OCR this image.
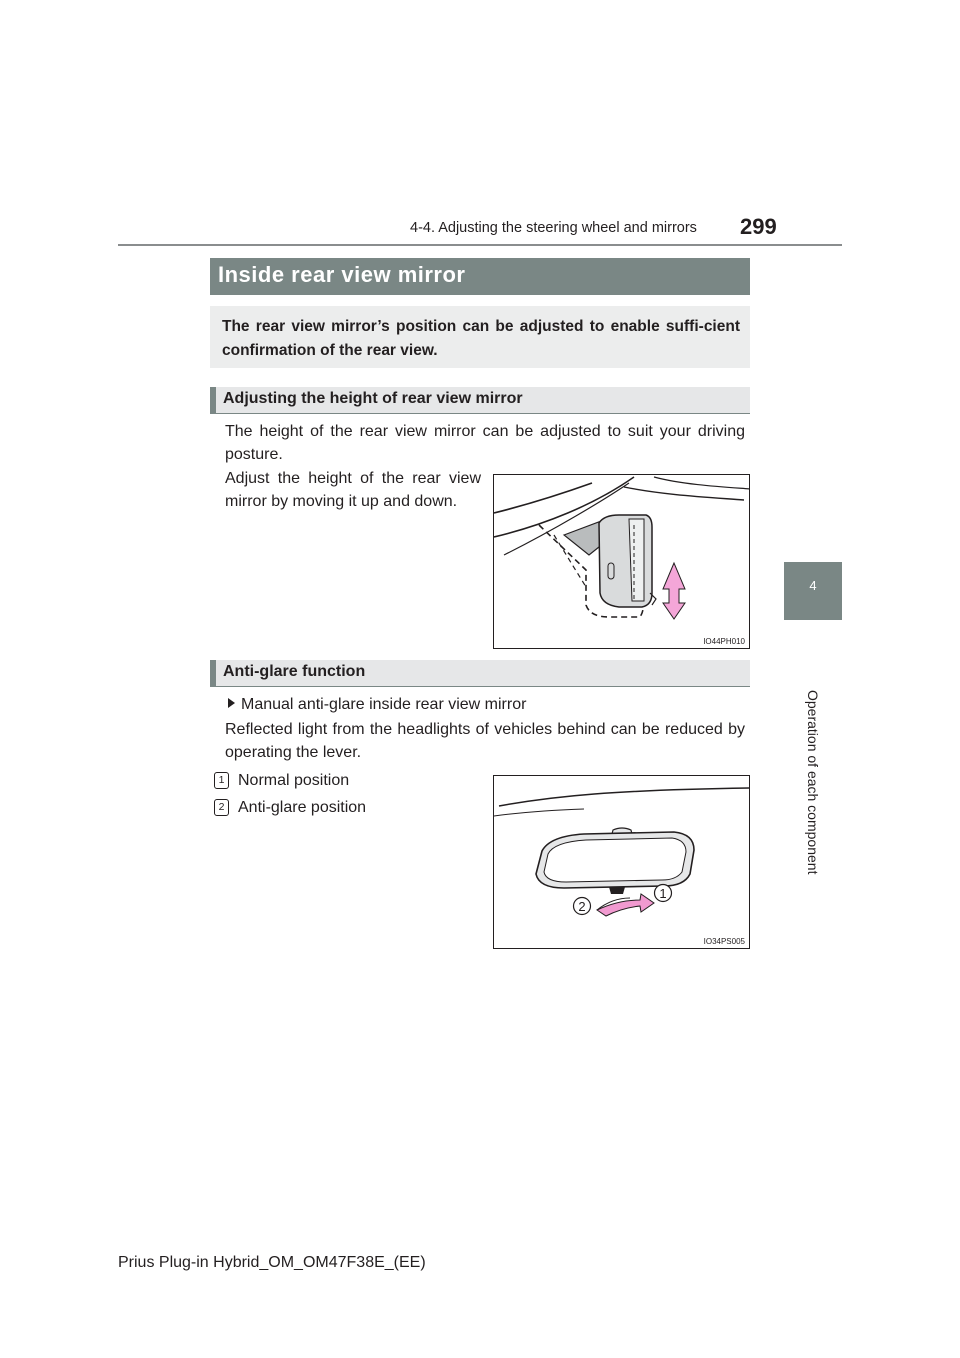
4-4. Adjusting the steering wheel and mirrors 299
4
Operation of each component
Inside rear view mirror

The rear view mirror’s position can be adjusted to enable suffi-cient confirmation of the rear view.

Adjusting the height of rear view mirror

The height of the rear view mirror can be adjusted to suit your driving posture.

Adjust the height of the rear view mirror by moving it up and down.

IO44PH010
Anti-glare function

Manual anti-glare inside rear view mirror

Reflected light from the headlights of vehicles behind can be reduced by operating the lever.

1 Normal position

2 Anti-glare position

2
1
IO34PS005
Prius Plug-in Hybrid_OM_OM47F38E_(EE)
